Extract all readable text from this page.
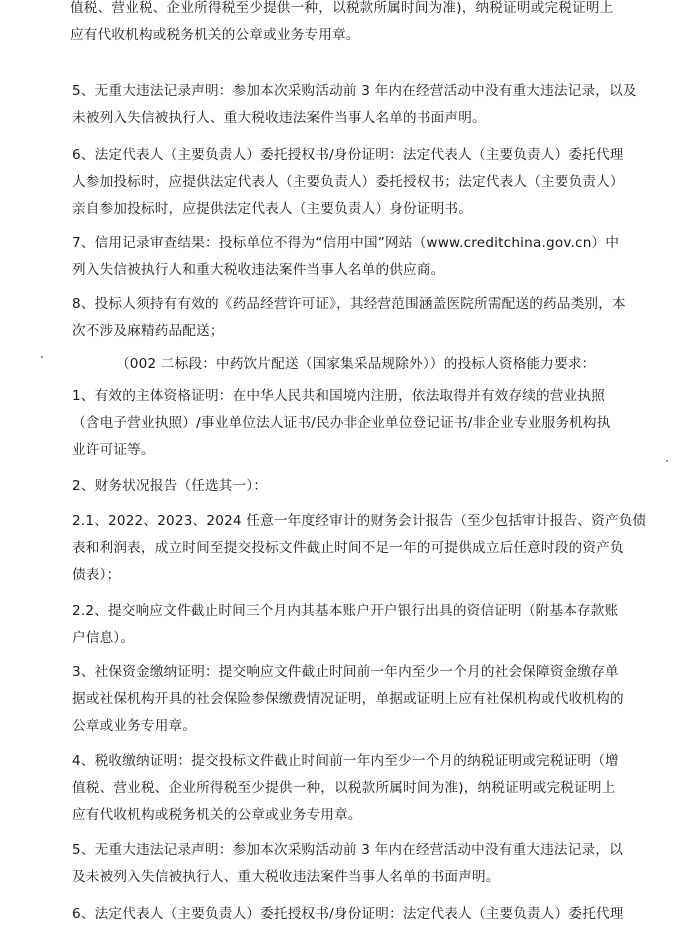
值税、营业税、企业所得税至少提供一种，以税款所属时间为准)，纳税证明或完税证明上
应有代收机构或税务机关的公章或业务专用章。
5、无重大违法记录声明：参加本次采购活动前 3 年内在经营活动中没有重大违法记录，以及
未被列入失信被执行人、重大税收违法案件当事人名单的书面声明。
6、法定代表人（主要负责人）委托授权书/身份证明：法定代表人（主要负责人）委托代理
人参加投标时，应提供法定代表人（主要负责人）委托授权书；法定代表人（主要负责人）
亲自参加投标时，应提供法定代表人（主要负责人）身份证明书。
7、信用记录审查结果：投标单位不得为“信用中国”网站（www.creditchina.gov.cn）中
列入失信被执行人和重大税收违法案件当事人名单的供应商。
8、投标人须持有有效的《药品经营许可证》，其经营范围涵盖医院所需配送的药品类别，本
次不涉及麻精药品配送；
（002 二标段：中药饮片配送（国家集采品规除外））的投标人资格能力要求：
1、有效的主体资格证明：在中华人民共和国境内注册，依法取得并有效存续的营业执照
（含电子营业执照）/事业单位法人证书/民办非企业单位登记证书/非企业专业服务机构执
业许可证等。
2、财务状况报告（任选其一）：
2.1、2022、2023、2024 任意一年度经审计的财务会计报告（至少包括审计报告、资产负债
表和利润表，成立时间至提交投标文件截止时间不足一年的可提供成立后任意时段的资产负
债表）；
2.2、提交响应文件截止时间三个月内其基本账户开户银行出具的资信证明（附基本存款账
户信息）。
3、社保资金缴纳证明：提交响应文件截止时间前一年内至少一个月的社会保障资金缴存单
据或社保机构开具的社会保险参保缴费情况证明，单据或证明上应有社保机构或代收机构的
公章或业务专用章。
4、税收缴纳证明：提交投标文件截止时间前一年内至少一个月的纳税证明或完税证明（增
值税、营业税、企业所得税至少提供一种，以税款所属时间为准)，纳税证明或完税证明上
应有代收机构或税务机关的公章或业务专用章。
5、无重大违法记录声明：参加本次采购活动前 3 年内在经营活动中没有重大违法记录，以
及未被列入失信被执行人、重大税收违法案件当事人名单的书面声明。
6、法定代表人（主要负责人）委托授权书/身份证明：法定代表人（主要负责人）委托代理
